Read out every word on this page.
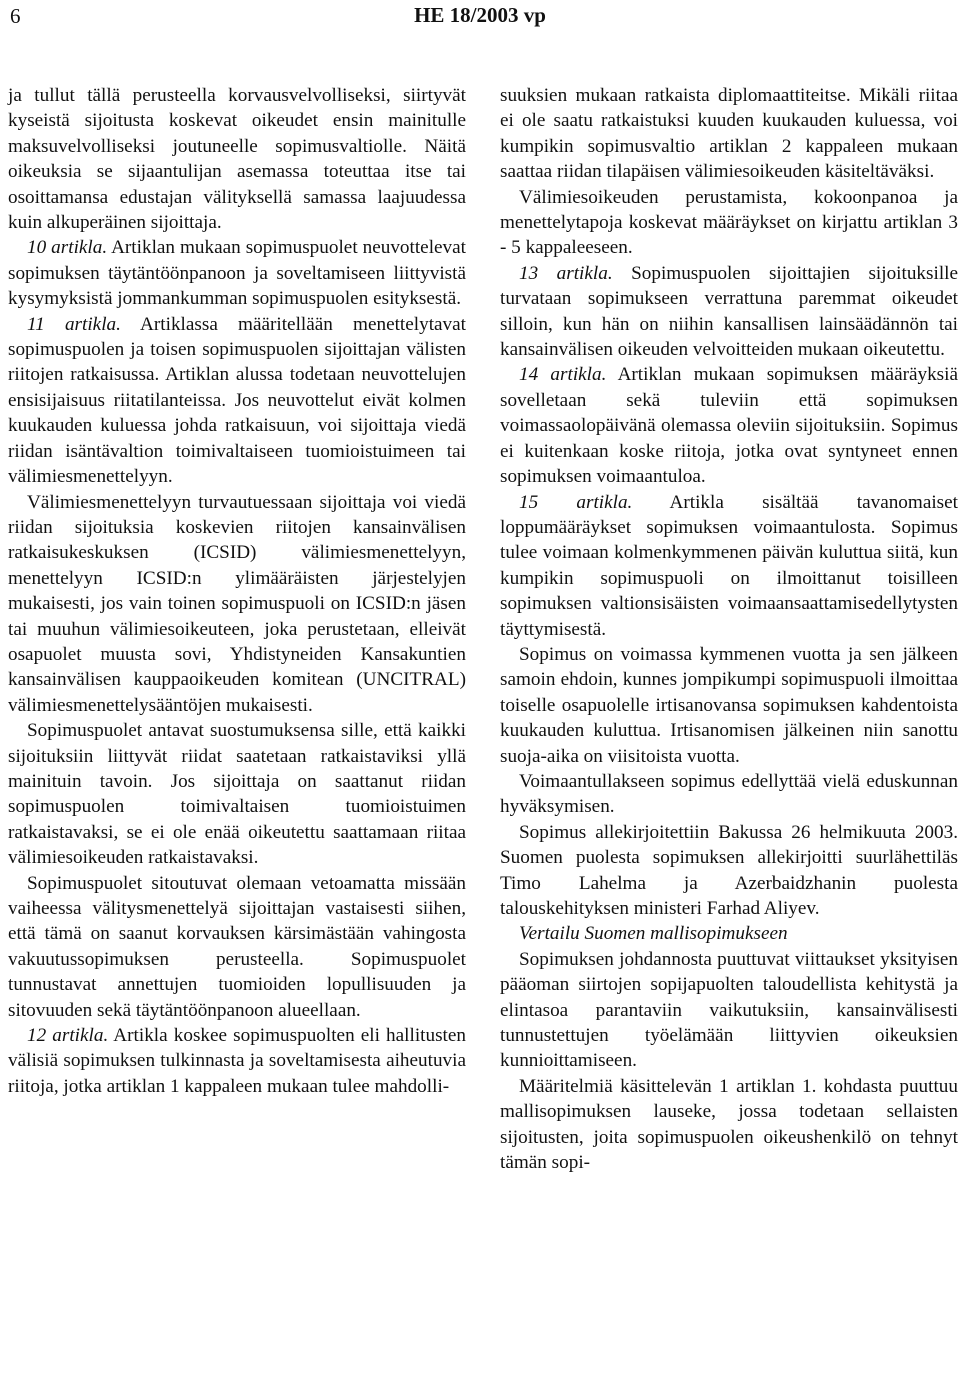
6	HE 18/2003 vp

ja tullut tällä perusteella korvausvelvolliseksi, siirtyvät kyseistä sijoitusta koskevat oikeudet ensin mainitulle maksuvelvolliseksi joutuneelle sopimusvaltiolle. Näitä oikeuksia se sijaantulijan asemassa toteuttaa itse tai osoittamansa edustajan välityksellä samassa laajuudessa kuin alkuperäinen sijoittaja.

10 artikla. Artiklan mukaan sopimuspuolet neuvottelevat sopimuksen täytäntöönpanoon ja soveltamiseen liittyvistä kysymyksistä jommankumman sopimuspuolen esityksestä.

11 artikla. Artiklassa määritellään menettelytavat sopimuspuolen ja toisen sopimuspuolen sijoittajan välisten riitojen ratkaisussa. Artiklan alussa todetaan neuvottelujen ensisijaisuus riitatilanteissa. Jos neuvottelut eivät kolmen kuukauden kuluessa johda ratkaisuun, voi sijoittaja viedä riidan isäntävaltion toimivaltaiseen tuomioistuimeen tai välimiesmenettelyyn.

Välimiesmenettelyyn turvautuessaan sijoittaja voi viedä riidan sijoituksia koskevien riitojen kansainvälisen ratkaisukeskuksen (ICSID) välimiesmenettelyyn, menettelyyn ICSID:n ylimääräisten järjestelyjen mukaisesti, jos vain toinen sopimuspuoli on ICSID:n jäsen tai muuhun välimiesoikeuteen, joka perustetaan, elleivät osapuolet muusta sovi, Yhdistyneiden Kansakuntien kansainvälisen kauppaoikeuden komitean (UNCITRAL) välimiesmenettelysääntöjen mukaisesti.

Sopimuspuolet antavat suostumuksensa sille, että kaikki sijoituksiin liittyvät riidat saatetaan ratkaistaviksi yllä mainituin tavoin. Jos sijoittaja on saattanut riidan sopimuspuolen toimivaltaisen tuomioistuimen ratkaistavaksi, se ei ole enää oikeutettu saattamaan riitaa välimiesoikeuden ratkaistavaksi.

Sopimuspuolet sitoutuvat olemaan vetoamatta missään vaiheessa välitysmenettelyä sijoittajan vastaisesti siihen, että tämä on saanut korvauksen kärsimästään vahingosta vakuutussopimuksen perusteella. Sopimuspuolet tunnustavat annettujen tuomioiden lopullisuuden ja sitovuuden sekä täytäntöönpanoon alueellaan.

12 artikla. Artikla koskee sopimuspuolten eli hallitusten välisiä sopimuksen tulkinnasta ja soveltamisesta aiheutuvia riitoja, jotka artiklan 1 kappaleen mukaan tulee mahdolli-

suuksien mukaan ratkaista diplomaattiteitse. Mikäli riitaa ei ole saatu ratkaistuksi kuuden kuukauden kuluessa, voi kumpikin sopimusvaltio artiklan 2 kappaleen mukaan saattaa riidan tilapäisen välimiesoikeuden käsiteltäväksi.

Välimiesoikeuden perustamista, kokoonpanoa ja menettelytapoja koskevat määräykset on kirjattu artiklan 3 - 5 kappaleeseen.

13 artikla. Sopimuspuolen sijoittajien sijoituksille turvataan sopimukseen verrattuna paremmat oikeudet silloin, kun hän on niihin kansallisen lainsäädännön tai kansainvälisen oikeuden velvoitteiden mukaan oikeutettu.

14 artikla. Artiklan mukaan sopimuksen määräyksiä sovelletaan sekä tuleviin että sopimuksen voimassaolopäivänä olemassa oleviin sijoituksiin. Sopimus ei kuitenkaan koske riitoja, jotka ovat syntyneet ennen sopimuksen voimaantuloa.

15 artikla. Artikla sisältää tavanomaiset loppumääräykset sopimuksen voimaantulosta. Sopimus tulee voimaan kolmenkymmenen päivän kuluttua siitä, kun kumpikin sopimuspuoli on ilmoittanut toisilleen sopimuksen valtionsisäisten voimaansaattamisedellytysten täyttymisestä.

Sopimus on voimassa kymmenen vuotta ja sen jälkeen samoin ehdoin, kunnes jompikumpi sopimuspuoli ilmoittaa toiselle osapuolelle irtisanovansa sopimuksen kahdentoista kuukauden kuluttua. Irtisanomisen jälkeinen niin sanottu suoja-aika on viisitoista vuotta.

Voimaantullakseen sopimus edellyttää vielä eduskunnan hyväksymisen.

Sopimus allekirjoitettiin Bakussa 26 helmikuuta 2003. Suomen puolesta sopimuksen allekirjoitti suurlähettiläs Timo Lahelma ja Azerbaidzhanin puolesta talouskehityksen ministeri Farhad Aliyev.

Vertailu Suomen mallisopimukseen

Sopimuksen johdannosta puuttuvat viittaukset yksityisen pääoman siirtojen sopijapuolten taloudellista kehitystä ja elintasoa parantaviin vaikutuksiin, kansainvälisesti tunnustettujen työelämään liittyvien oikeuksien kunnioittamiseen.

Määritelmiä käsittelevän 1 artiklan 1. kohdasta puuttuu mallisopimuksen lauseke, jossa todetaan sellaisten sijoitusten, joita sopimuspuolen oikeushenkilö on tehnyt tämän sopi-
